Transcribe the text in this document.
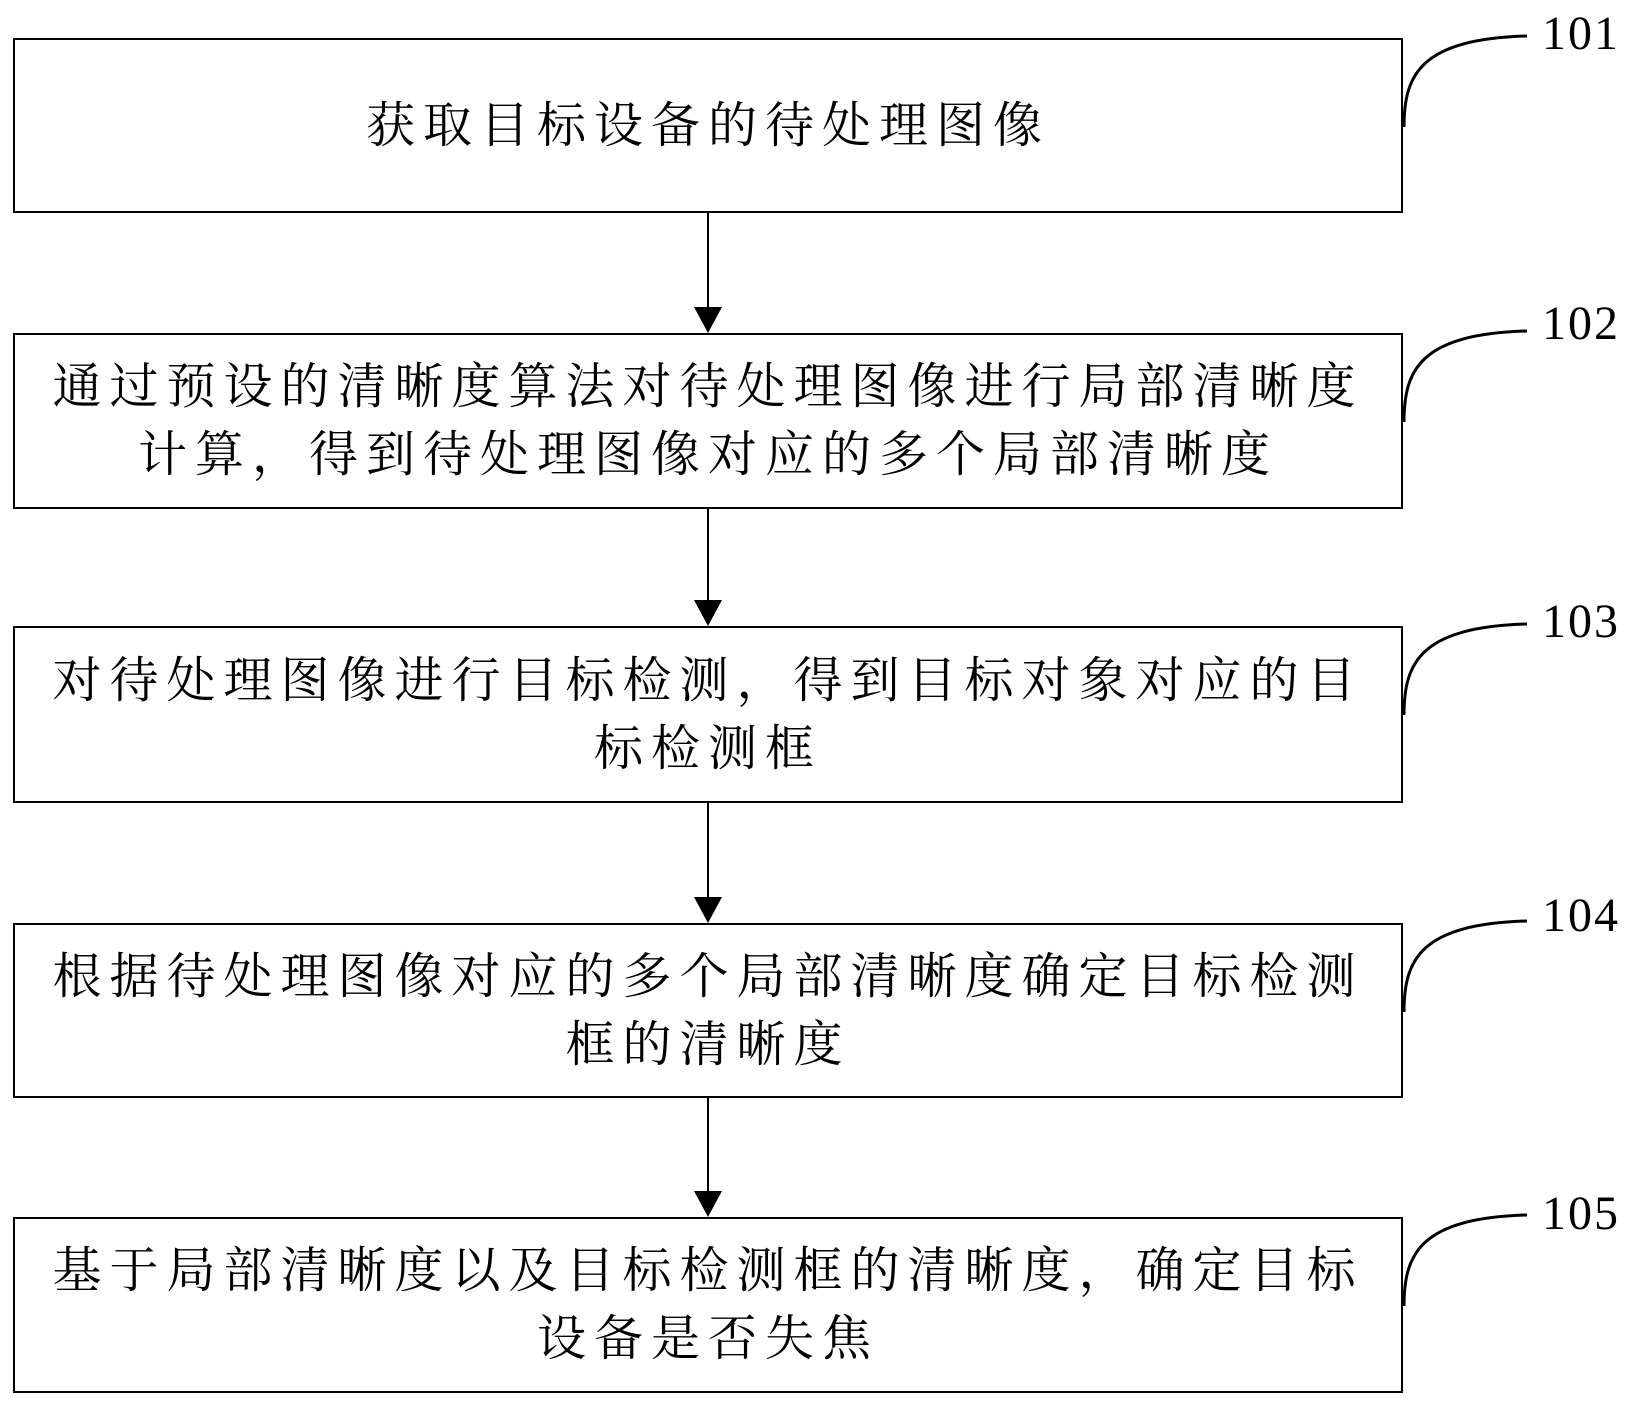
获取目标设备的待处理图像
101
通过预设的清晰度算法对待处理图像进行局部清晰度
计算，得到待处理图像对应的多个局部清晰度
102
对待处理图像进行目标检测，得到目标对象对应的目
标检测框
103
根据待处理图像对应的多个局部清晰度确定目标检测
框的清晰度
104
基于局部清晰度以及目标检测框的清晰度，确定目标
设备是否失焦
105
